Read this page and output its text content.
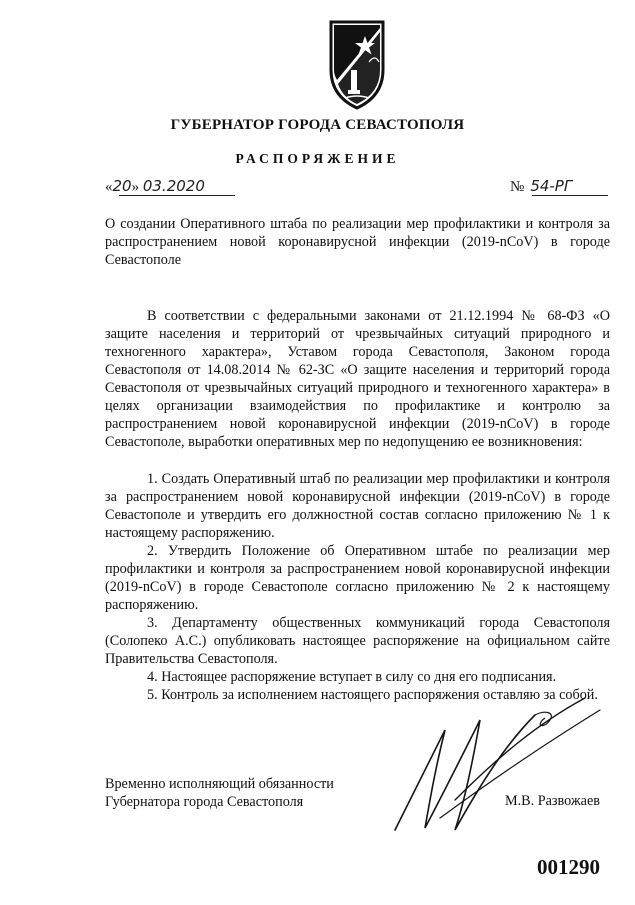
ГУБЕРНАТОР ГОРОДА СЕВАСТОПОЛЯ
РАСПОРЯЖЕНИЕ
«20» 03.2020	№ 54-РГ
О создании Оперативного штаба по реализации мер профилактики и контроля за распространением новой коронавирусной инфекции (2019-nCoV) в городе Севастополе

В соответствии с федеральными законами от 21.12.1994 № 68-ФЗ «О защите населения и территорий от чрезвычайных ситуаций природного и техногенного характера», Уставом города Севастополя, Законом города Севастополя от 14.08.2014 № 62-ЗС «О защите населения и территорий города Севастополя от чрезвычайных ситуаций природного и техногенного характера» в целях организации взаимодействия по профилактике и контролю за распространением новой коронавирусной инфекции (2019-nCoV) в городе Севастополе, выработки оперативных мер по недопущению ее возникновения:

1. Создать Оперативный штаб по реализации мер профилактики и контроля за распространением новой коронавирусной инфекции (2019-nCoV) в городе Севастополе и утвердить его должностной состав согласно приложению № 1 к настоящему распоряжению.

2. Утвердить Положение об Оперативном штабе по реализации мер профилактики и контроля за распространением новой коронавирусной инфекции (2019-nCoV) в городе Севастополе согласно приложению № 2 к настоящему распоряжению.

3. Департаменту общественных коммуникаций города Севастополя (Солопеко А.С.) опубликовать настоящее распоряжение на официальном сайте Правительства Севастополя.

4. Настоящее распоряжение вступает в силу со дня его подписания.

5. Контроль за исполнением настоящего распоряжения оставляю за собой.

Временно исполняющий обязанности
Губернатора города Севастополя	М.В. Развожаев
001290
